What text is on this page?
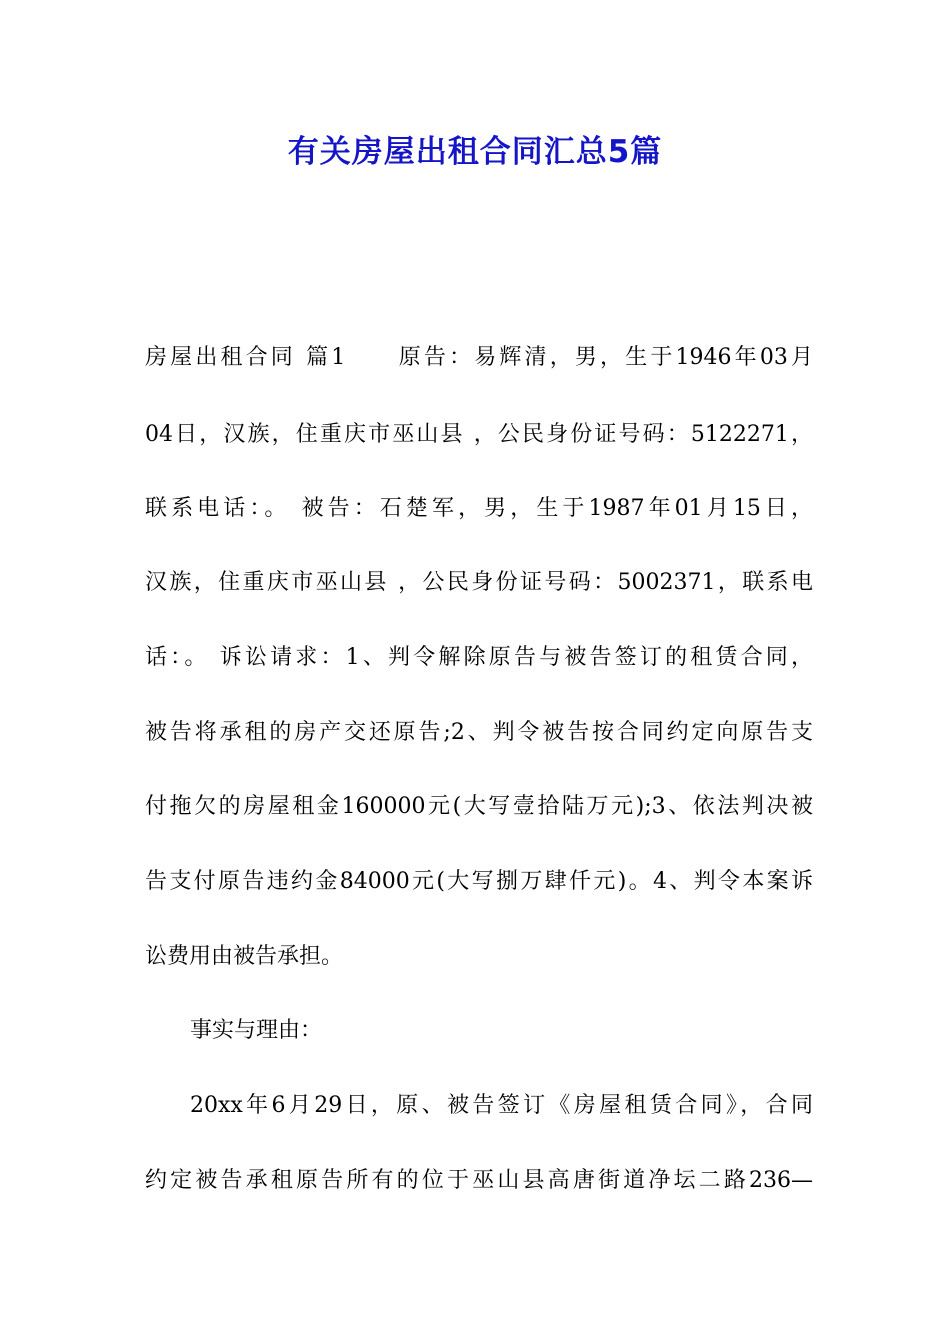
有关房屋出租合同汇总5篇

房屋出租合同 篇1　　原告：易辉清，男，生于1946年03月

04日，汉族，住重庆市巫山县 ，公民身份证号码：5122271，

联系电话：。 被告：石楚军，男，生于1987年01月15日，

汉族，住重庆市巫山县 ，公民身份证号码：5002371，联系电

话：。 诉讼请求：1、判令解除原告与被告签订的租赁合同，

被告将承租的房产交还原告;2、判令被告按合同约定向原告支

付拖欠的房屋租金160000元(大写壹拾陆万元);3、依法判决被

告支付原告违约金84000元(大写捌万肆仟元)。4、判令本案诉

讼费用由被告承担。

事实与理由：

20xx年6月29日，原、被告签订《房屋租赁合同》，合同

约定被告承租原告所有的位于巫山县高唐街道净坛二路236—
